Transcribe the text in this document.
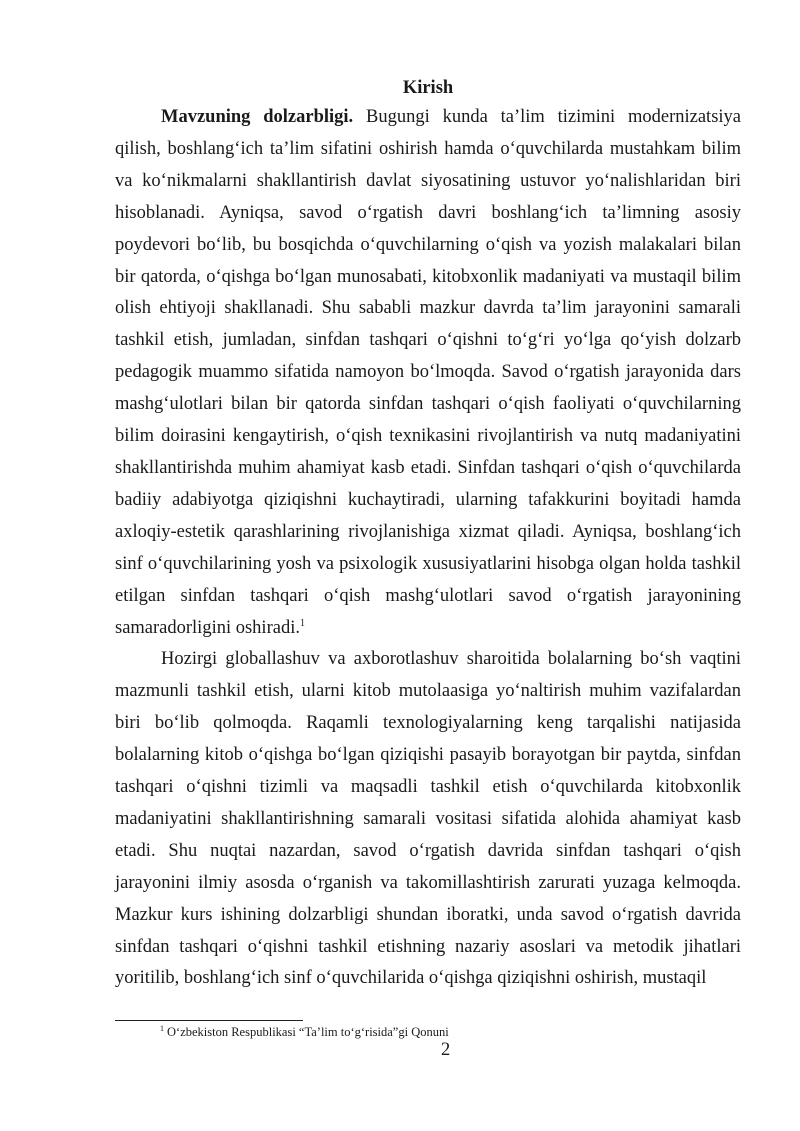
Kirish

Mavzuning dolzarbligi. Bugungi kunda ta’lim tizimini modernizatsiya qilish, boshlang‘ich ta’lim sifatini oshirish hamda o‘quvchilarda mustahkam bilim va ko‘nikmalarni shakllantirish davlat siyosatining ustuvor yo‘nalishlaridan biri hisoblanadi. Ayniqsa, savod o‘rgatish davri boshlang‘ich ta’limning asosiy poydevori bo‘lib, bu bosqichda o‘quvchilarning o‘qish va yozish malakalari bilan bir qatorda, o‘qishga bo‘lgan munosabati, kitobxonlik madaniyati va mustaqil bilim olish ehtiyoji shakllanadi. Shu sababli mazkur davrda ta’lim jarayonini samarali tashkil etish, jumladan, sinfdan tashqari o‘qishni to‘g‘ri yo‘lga qo‘yish dolzarb pedagogik muammo sifatida namoyon bo‘lmoqda. Savod o‘rgatish jarayonida dars mashg‘ulotlari bilan bir qatorda sinfdan tashqari o‘qish faoliyati o‘quvchilarning bilim doirasini kengaytirish, o‘qish texnikasini rivojlantirish va nutq madaniyatini shakllantirishda muhim ahamiyat kasb etadi. Sinfdan tashqari o‘qish o‘quvchilarda badiiy adabiyotga qiziqishni kuchaytiradi, ularning tafakkurini boyitadi hamda axloqiy-estetik qarashlarining rivojlanishiga xizmat qiladi. Ayniqsa, boshlang‘ich sinf o‘quvchilarining yosh va psixologik xususiyatlarini hisobga olgan holda tashkil etilgan sinfdan tashqari o‘qish mashg‘ulotlari savod o‘rgatish jarayonining samaradorligini oshiradi.$^1$

Hozirgi globallashuv va axborotlashuv sharoitida bolalarning bo‘sh vaqtini mazmunli tashkil etish, ularni kitob mutolaasiga yo‘naltirish muhim vazifalardan biri bo‘lib qolmoqda. Raqamli texnologiyalarning keng tarqalishi natijasida bolalarning kitob o‘qishga bo‘lgan qiziqishi pasayib borayotgan bir paytda, sinfdan tashqari o‘qishni tizimli va maqsadli tashkil etish o‘quvchilarda kitobxonlik madaniyatini shakllantirishning samarali vositasi sifatida alohida ahamiyat kasb etadi. Shu nuqtai nazardan, savod o‘rgatish davrida sinfdan tashqari o‘qish jarayonini ilmiy asosda o‘rganish va takomillashtirish zarurati yuzaga kelmoqda. Mazkur kurs ishining dolzarbligi shundan iboratki, unda savod o‘rgatish davrida sinfdan tashqari o‘qishni tashkil etishning nazariy asoslari va metodik jihatlari yoritilib, boshlang‘ich sinf o‘quvchilarida o‘qishga qiziqishni oshirish, mustaqil

$^1$ O‘zbekiston Respublikasi “Ta’lim to‘g‘risida”gi Qonuni
2
